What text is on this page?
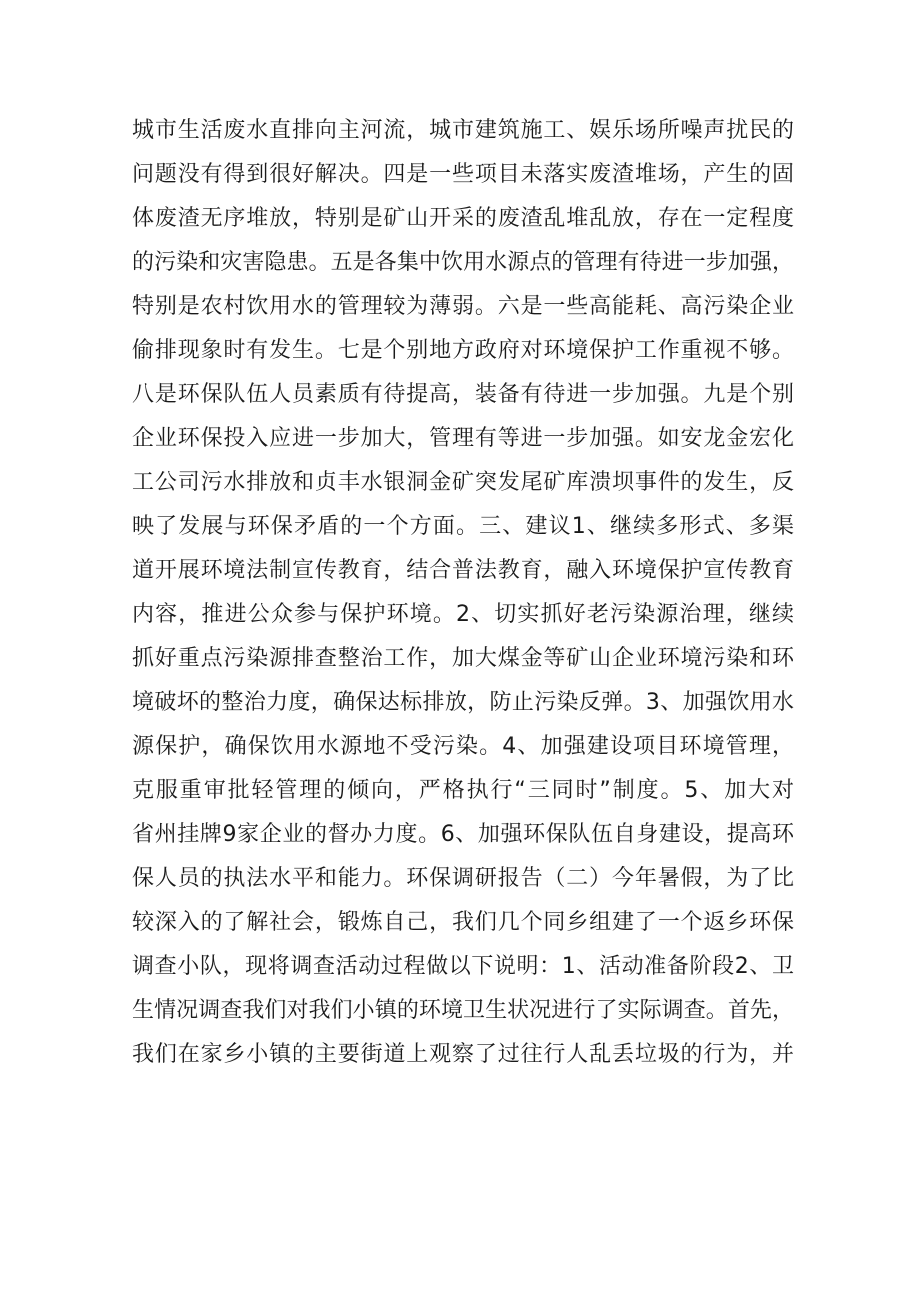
城市生活废水直排向主河流，城市建筑施工、娱乐场所噪声扰民的
问题没有得到很好解决。四是一些项目未落实废渣堆场，产生的固
体废渣无序堆放，特别是矿山开采的废渣乱堆乱放，存在一定程度
的污染和灾害隐患。五是各集中饮用水源点的管理有待进一步加强，
特别是农村饮用水的管理较为薄弱。六是一些高能耗、高污染企业
偷排现象时有发生。七是个别地方政府对环境保护工作重视不够。
八是环保队伍人员素质有待提高，装备有待进一步加强。九是个别
企业环保投入应进一步加大，管理有等进一步加强。如安龙金宏化
工公司污水排放和贞丰水银洞金矿突发尾矿库溃坝事件的发生，反
映了发展与环保矛盾的一个方面。三、建议1、继续多形式、多渠
道开展环境法制宣传教育，结合普法教育，融入环境保护宣传教育
内容，推进公众参与保护环境。2、切实抓好老污染源治理，继续
抓好重点污染源排查整治工作，加大煤金等矿山企业环境污染和环
境破坏的整治力度，确保达标排放，防止污染反弹。3、加强饮用水
源保护，确保饮用水源地不受污染。4、加强建设项目环境管理，
克服重审批轻管理的倾向，严格执行“三同时”制度。5、加大对
省州挂牌9家企业的督办力度。6、加强环保队伍自身建设，提高环
保人员的执法水平和能力。环保调研报告（二）今年暑假，为了比
较深入的了解社会，锻炼自己，我们几个同乡组建了一个返乡环保
调查小队，现将调查活动过程做以下说明：1、活动准备阶段2、卫
生情况调查我们对我们小镇的环境卫生状况进行了实际调查。首先，
我们在家乡小镇的主要街道上观察了过往行人乱丢垃圾的行为，并
